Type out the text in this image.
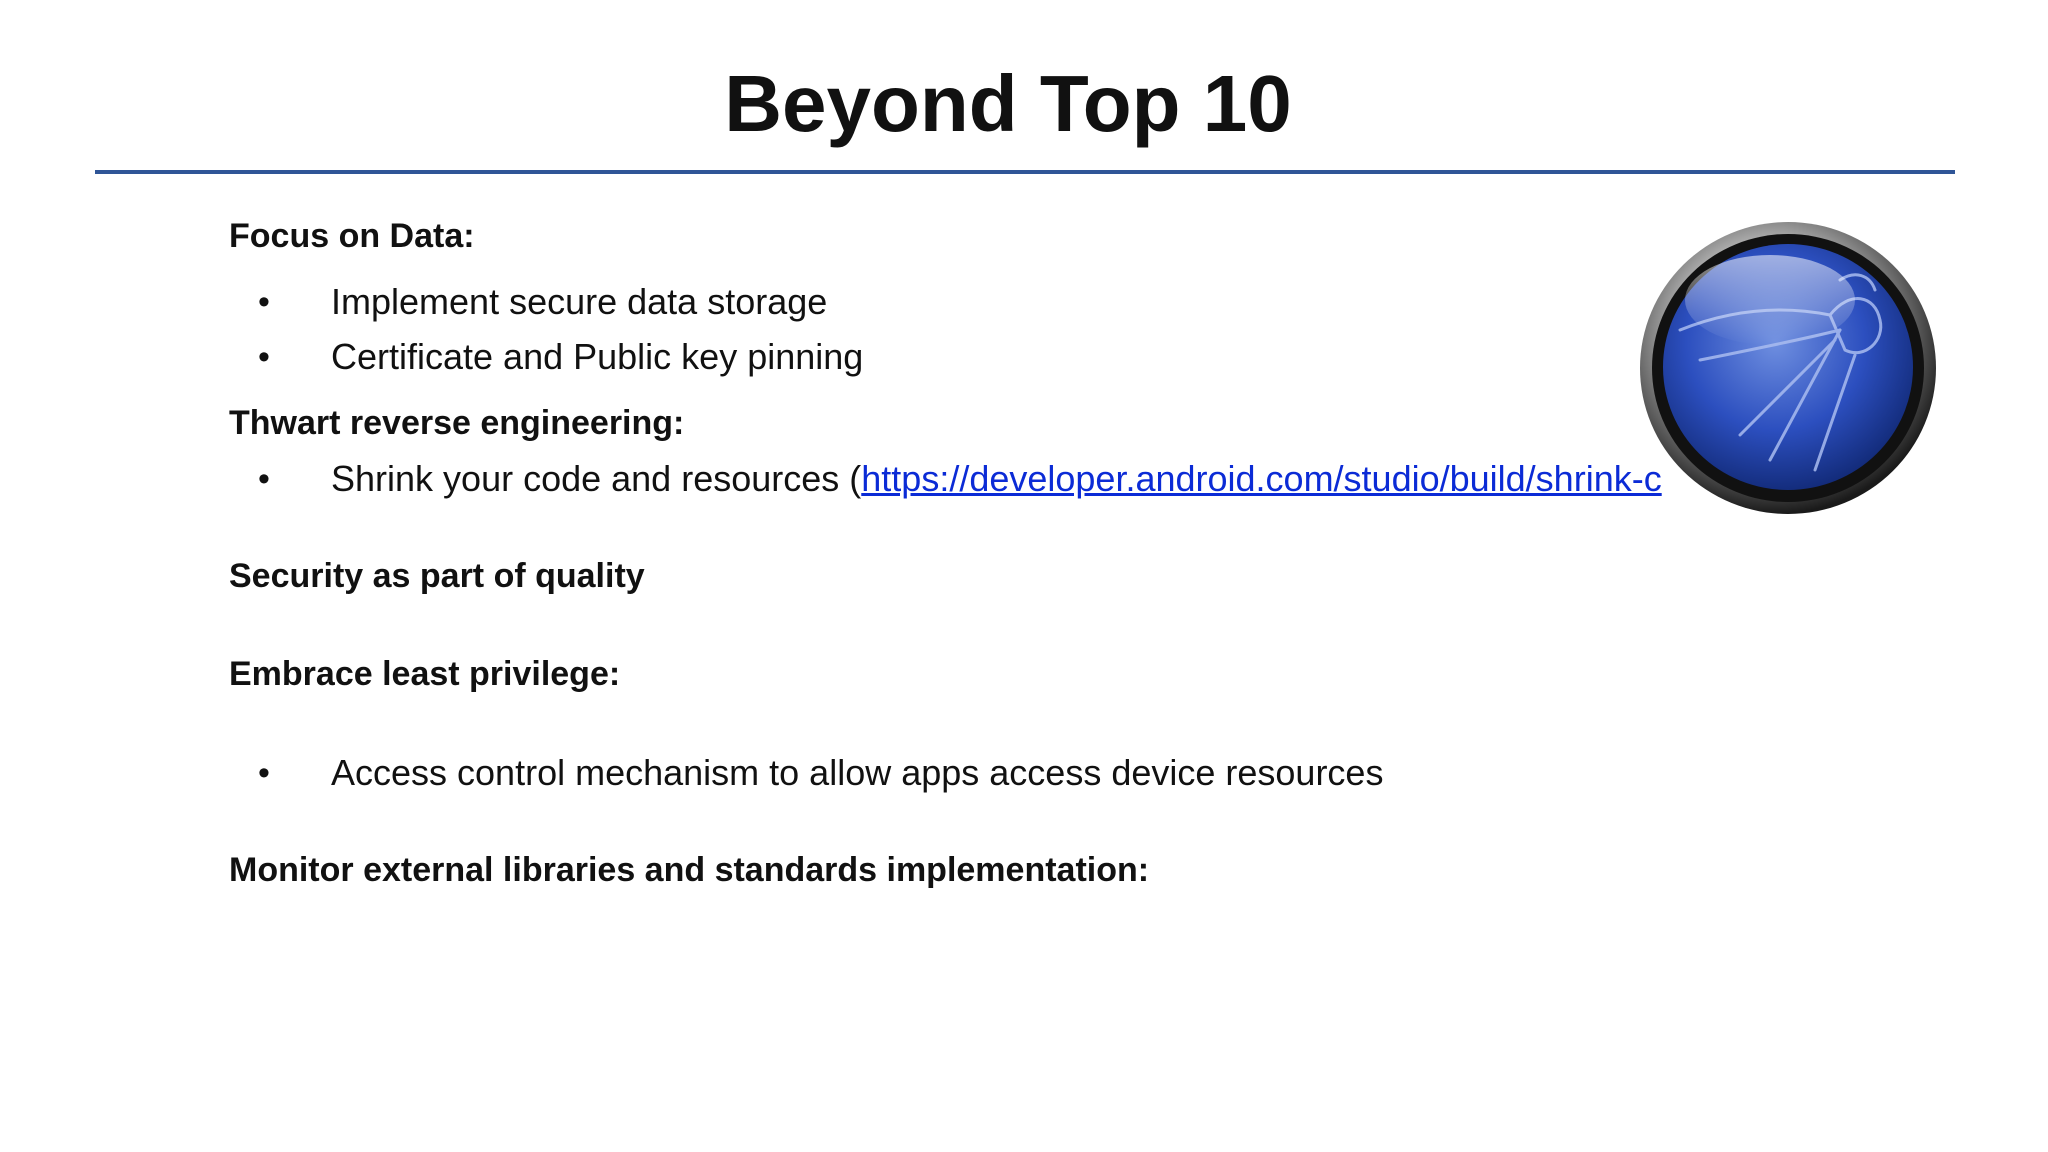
Beyond Top 10
Focus on Data:
• Implement secure data storage
• Certificate and Public key pinning
Thwart reverse engineering:
• Shrink your code and resources (https://developer.android.com/studio/build/shrink-c
Security as part of quality
Embrace least privilege:
• Access control mechanism to allow apps access device resources
Monitor external libraries and standards implementation:
